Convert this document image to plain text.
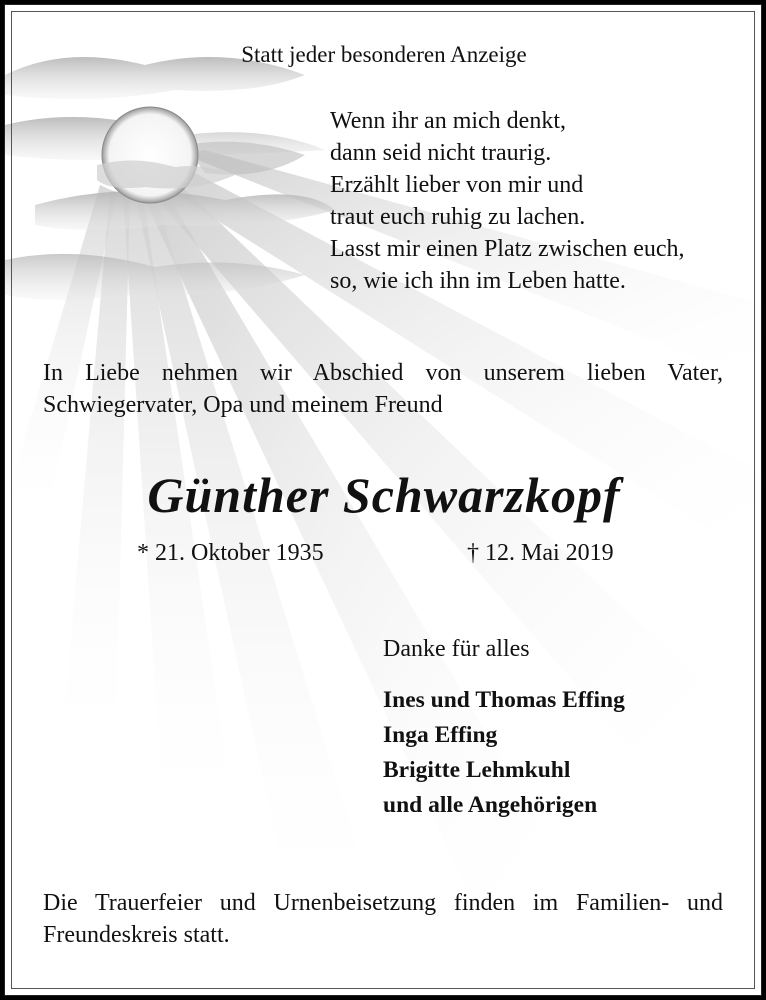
Statt jeder besonderen Anzeige
Wenn ihr an mich denkt,
dann seid nicht traurig.
Erzählt lieber von mir und
traut euch ruhig zu lachen.
Lasst mir einen Platz zwischen euch,
so, wie ich ihn im Leben hatte.
In Liebe nehmen wir Abschied von unserem lieben Vater, Schwiegervater, Opa und meinem Freund
Günther Schwarzkopf
* 21. Oktober 1935	† 12. Mai 2019
Danke für alles
Ines und Thomas Effing
Inga Effing
Brigitte Lehmkuhl
und alle Angehörigen
Die Trauerfeier und Urnenbeisetzung finden im Familien- und Freundeskreis statt.
